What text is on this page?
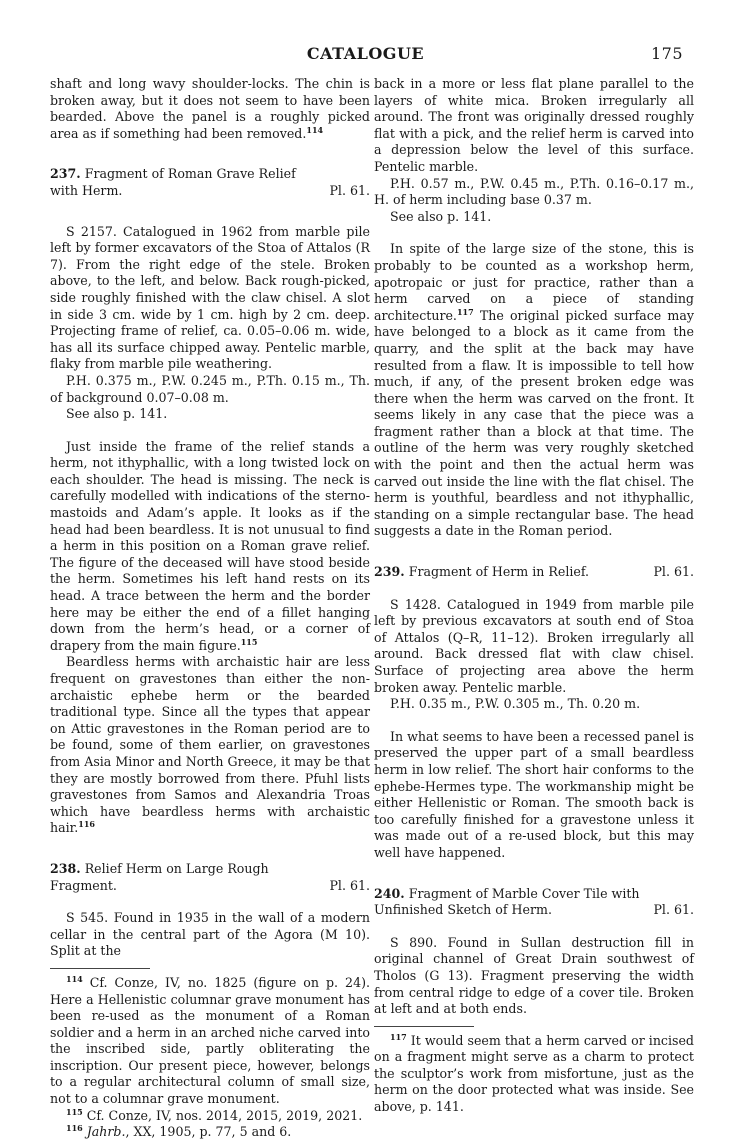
CATALOGUE	175

shaft and long wavy shoulder-locks. The chin is broken away, but it does not seem to have been bearded. Above the panel is a roughly picked area as if something had been removed.$^{114}$

237. Fragment of Roman Grave Relief with Herm.	Pl. 61.

S 2157. Catalogued in 1962 from marble pile left by former excavators of the Stoa of Attalos (R 7). From the right edge of the stele. Broken above, to the left, and below. Back rough-picked, side roughly finished with the claw chisel. A slot in side 3 cm. wide by 1 cm. high by 2 cm. deep. Projecting frame of relief, ca. 0.05–0.06 m. wide, has all its surface chipped away. Pentelic marble, flaky from marble pile weathering.

P.H. 0.375 m., P.W. 0.245 m., P.Th. 0.15 m., Th. of background 0.07–0.08 m.

See also p. 141.

Just inside the frame of the relief stands a herm, not ithyphallic, with a long twisted lock on each shoulder. The head is missing. The neck is carefully modelled with indications of the sterno-mastoids and Adam’s apple. It looks as if the head had been beardless. It is not unusual to find a herm in this position on a Roman grave relief. The figure of the deceased will have stood beside the herm. Sometimes his left hand rests on its head. A trace between the herm and the border here may be either the end of a fillet hanging down from the herm’s head, or a corner of drapery from the main figure.$^{115}$

Beardless herms with archaistic hair are less frequent on gravestones than either the non-archaistic ephebe herm or the bearded traditional type. Since all the types that appear on Attic gravestones in the Roman period are to be found, some of them earlier, on gravestones from Asia Minor and North Greece, it may be that they are mostly borrowed from there. Pfuhl lists gravestones from Samos and Alexandria Troas which have beardless herms with archaistic hair.$^{116}$

238. Relief Herm on Large Rough Fragment.	Pl. 61.

S 545. Found in 1935 in the wall of a modern cellar in the central part of the Agora (M 10). Split at the

$^{114}$ Cf. Conze, IV, no. 1825 (figure on p. 24). Here a Hellenistic columnar grave monument has been re-used as the monument of a Roman soldier and a herm in an arched niche carved into the inscribed side, partly obliterating the inscription. Our present piece, however, belongs to a regular architectural column of small size, not to a columnar grave monument.

$^{115}$ Cf. Conze, IV, nos. 2014, 2015, 2019, 2021.

$^{116}$ Jahrb., XX, 1905, p. 77, 5 and 6.

back in a more or less flat plane parallel to the layers of white mica. Broken irregularly all around. The front was originally dressed roughly flat with a pick, and the relief herm is carved into a depression below the level of this surface. Pentelic marble.

P.H. 0.57 m., P.W. 0.45 m., P.Th. 0.16–0.17 m., H. of herm including base 0.37 m.

See also p. 141.

In spite of the large size of the stone, this is probably to be counted as a workshop herm, apotropaic or just for practice, rather than a herm carved on a piece of standing architecture.$^{117}$ The original picked surface may have belonged to a block as it came from the quarry, and the split at the back may have resulted from a flaw. It is impossible to tell how much, if any, of the present broken edge was there when the herm was carved on the front. It seems likely in any case that the piece was a fragment rather than a block at that time. The outline of the herm was very roughly sketched with the point and then the actual herm was carved out inside the line with the flat chisel. The herm is youthful, beardless and not ithyphallic, standing on a simple rectangular base. The head suggests a date in the Roman period.

239. Fragment of Herm in Relief.	Pl. 61.

S 1428. Catalogued in 1949 from marble pile left by previous excavators at south end of Stoa of Attalos (Q–R, 11–12). Broken irregularly all around. Back dressed flat with claw chisel. Surface of projecting area above the herm broken away. Pentelic marble.

P.H. 0.35 m., P.W. 0.305 m., Th. 0.20 m.

In what seems to have been a recessed panel is preserved the upper part of a small beardless herm in low relief. The short hair conforms to the ephebe-Hermes type. The workmanship might be either Hellenistic or Roman. The smooth back is too carefully finished for a gravestone unless it was made out of a re-used block, but this may well have happened.

240. Fragment of Marble Cover Tile with Unfinished Sketch of Herm.	Pl. 61.

S 890. Found in Sullan destruction fill in original channel of Great Drain southwest of Tholos (G 13). Fragment preserving the width from central ridge to edge of a cover tile. Broken at left and at both ends.

$^{117}$ It would seem that a herm carved or incised on a fragment might serve as a charm to protect the sculptor’s work from misfortune, just as the herm on the door protected what was inside. See above, p. 141.
